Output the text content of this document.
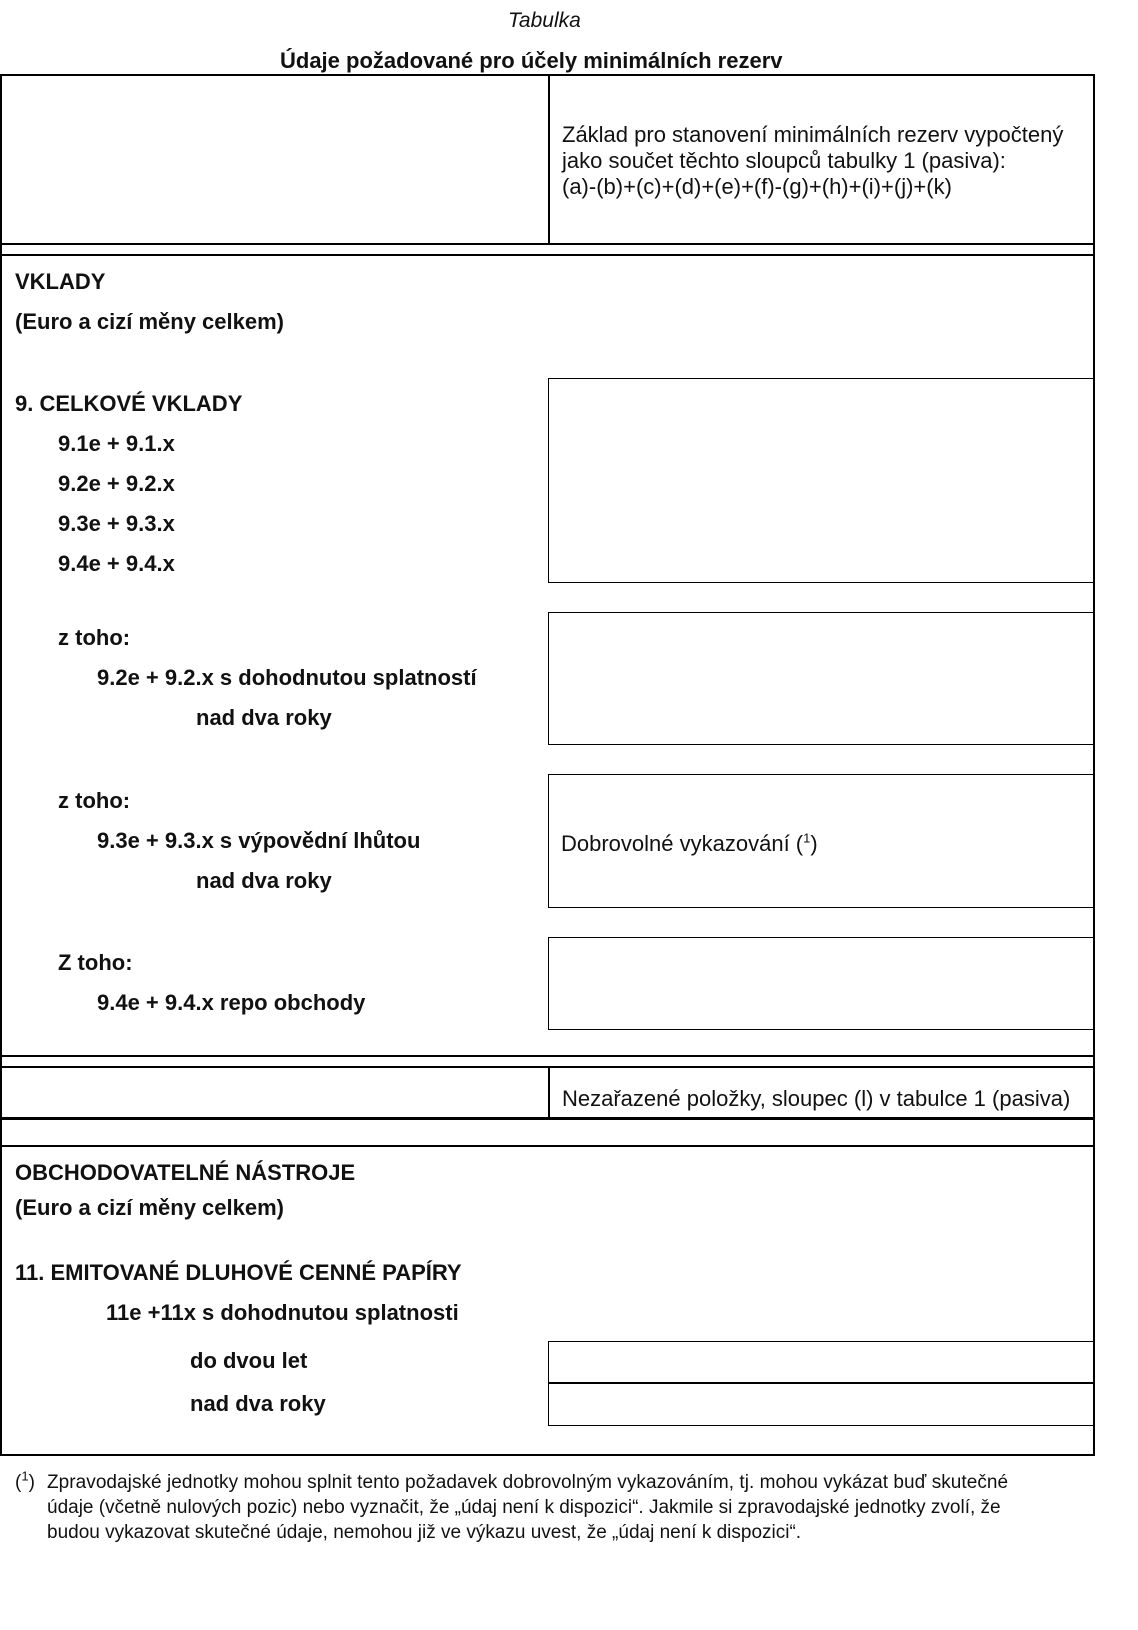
Tabulka
Údaje požadované pro účely minimálních rezerv
Základ pro stanovení minimálních rezerv vypočtený
jako součet těchto sloupců tabulky 1 (pasiva):
(a)-(b)+(c)+(d)+(e)+(f)-(g)+(h)+(i)+(j)+(k)
VKLADY
(Euro a cizí měny celkem)
9. CELKOVÉ VKLADY
9.1e + 9.1.x
9.2e + 9.2.x
9.3e + 9.3.x
9.4e + 9.4.x
z toho:
9.2e + 9.2.x s dohodnutou splatností
nad dva roky
z toho:
9.3e + 9.3.x s výpovědní lhůtou
nad dva roky
Dobrovolné vykazování ($^1$)
Z toho:
9.4e + 9.4.x repo obchody
Nezařazené položky, sloupec (l) v tabulce 1 (pasiva)
OBCHODOVATELNÉ NÁSTROJE
(Euro a cizí měny celkem)
11. EMITOVANÉ DLUHOVÉ CENNÉ PAPÍRY
11e +11x s dohodnutou splatnosti
do dvou let
nad dva roky
($^1$) Zpravodajské jednotky mohou splnit tento požadavek dobrovolným vykazováním, tj. mohou vykázat buď skutečné
údaje (včetně nulových pozic) nebo vyznačit, že „údaj není k dispozici“. Jakmile si zpravodajské jednotky zvolí, že
budou vykazovat skutečné údaje, nemohou již ve výkazu uvest, že „údaj není k dispozici“.
